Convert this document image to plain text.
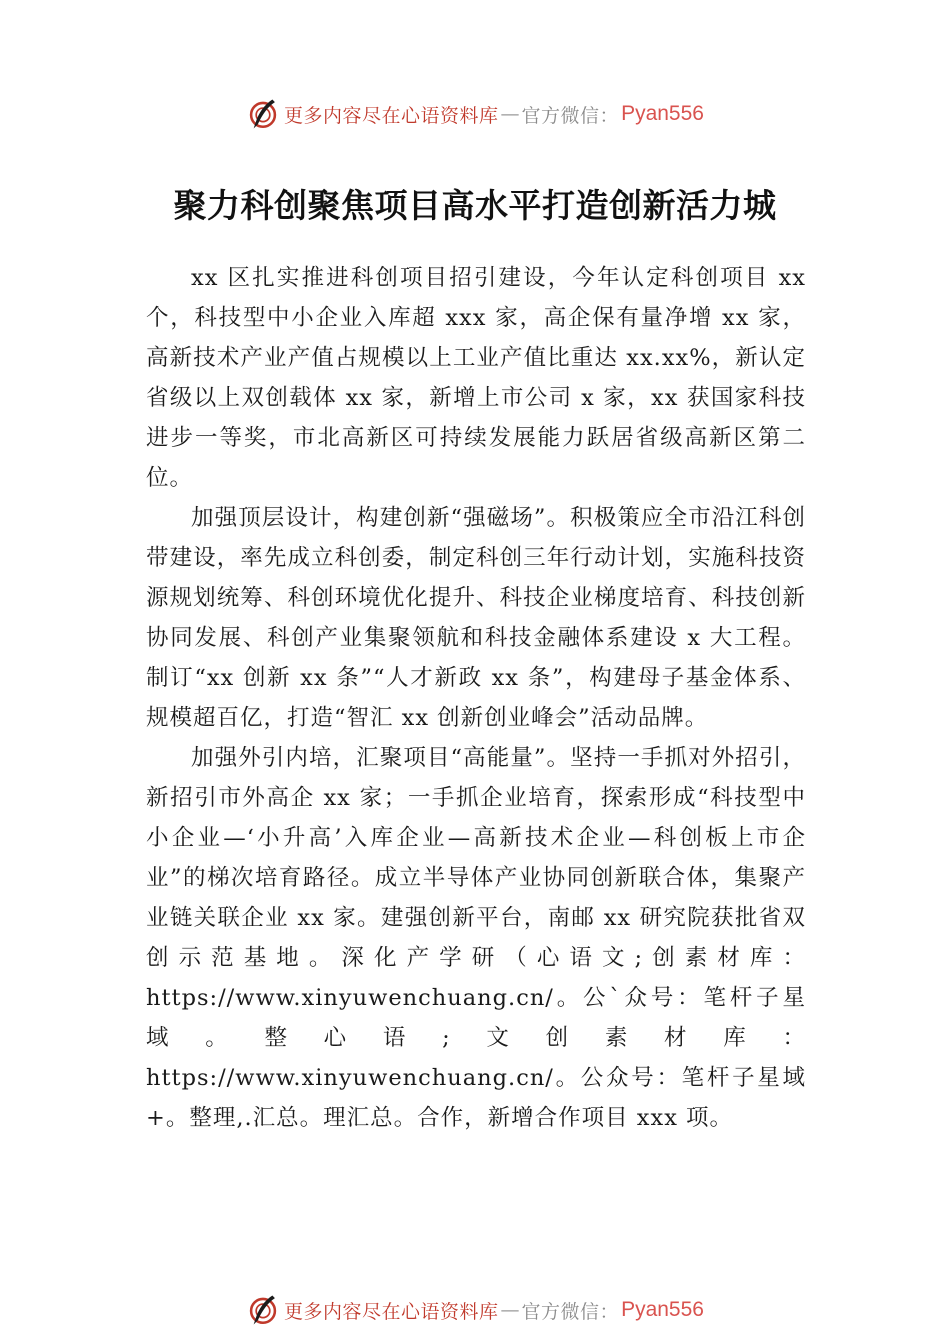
更多内容尽在心语资料库 — 官方微信： Pyan556
聚力科创聚焦项目高水平打造创新活力城

xx 区扎实推进科创项目招引建设，今年认定科创项目 xx 个，科技型中小企业入库超 xxx 家，高企保有量净增 xx 家，高新技术产业产值占规模以上工业产值比重达 xx.xx%，新认定省级以上双创载体 xx 家，新增上市公司 x 家，xx 获国家科技进步一等奖，市北高新区可持续发展能力跃居省级高新区第二位。

加强顶层设计，构建创新“强磁场”。积极策应全市沿江科创带建设，率先成立科创委，制定科创三年行动计划，实施科技资源规划统筹、科创环境优化提升、科技企业梯度培育、科技创新协同发展、科创产业集聚领航和科技金融体系建设 x 大工程。制订“xx 创新 xx 条”“人才新政 xx 条”，构建母子基金体系、规模超百亿，打造“智汇 xx 创新创业峰会”活动品牌。

加强外引内培，汇聚项目“高能量”。坚持一手抓对外招引，新招引市外高企 xx 家；一手抓企业培育，探索形成“科技型中小企业—‘小升高’入库企业—高新技术企业—科创板上市企业”的梯次培育路径。成立半导体产业协同创新联合体，集聚产业链关联企业 xx 家。建强创新平台，南邮 xx 研究院获批省双创示范基地。深化产学研（心语文;创素材库：https://www.xinyuwenchuang.cn/。公`众号：笔杆子星域。整心语;文创素材库：https://www.xinyuwenchuang.cn/。公众号：笔杆子星域+。整理,.汇总。理汇总。合作，新增合作项目 xxx 项。

更多内容尽在心语资料库 — 官方微信： Pyan556
